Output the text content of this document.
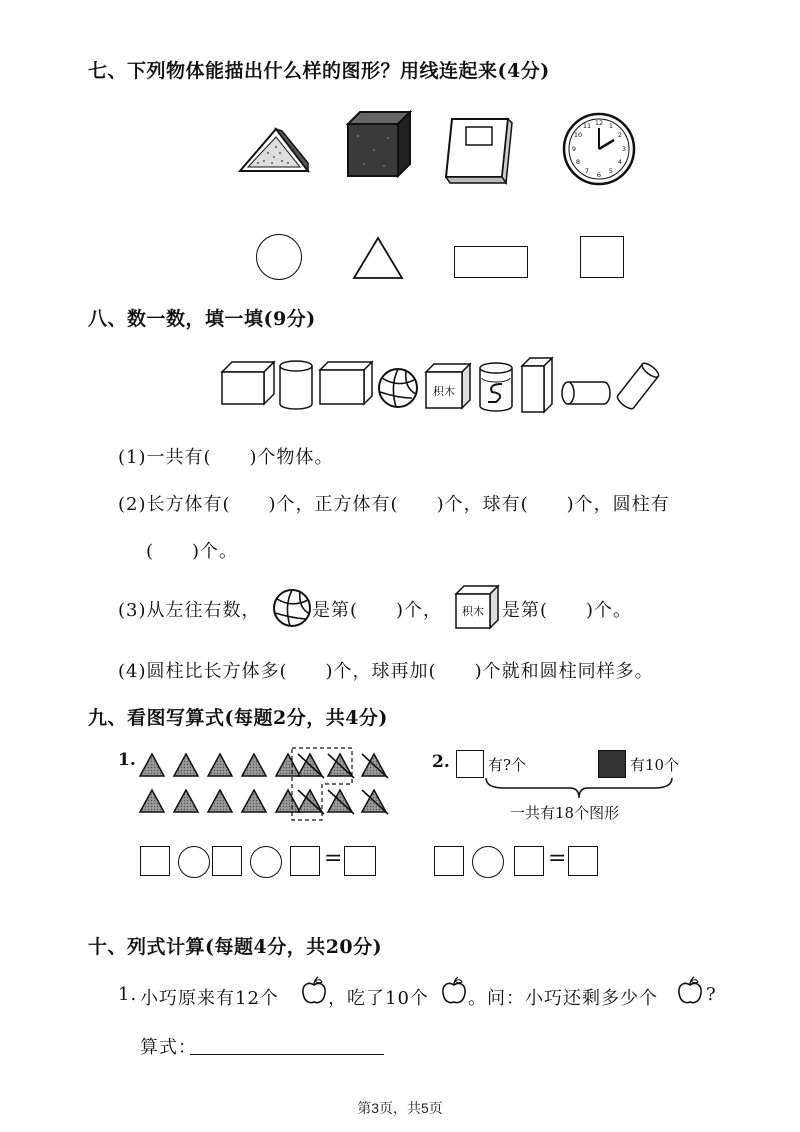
七、下列物体能描出什么样的图形？用线连起来(4分)
12 1
2
3
4
5
6
7
8
9
10
11
八、数一数，填一填(9分)
积木
(1)一共有(　　)个物体。
(2)长方体有(　　)个，正方体有(　　)个，球有(　　)个，圆柱有
(　　)个。
(3)从左往右数，	是第(　　)个， 积木 是第(　　)个。
(4)圆柱比长方体多(　　)个，球再加(　　)个就和圆柱同样多。
九、看图写算式(每题2分，共4分)
1.
=
2.	有?个	有10个
一共有18个图形
=
十、列式计算(每题4分，共20分)
1. 小巧原来有12个	，吃了10个 。问：小巧还剩多少个	?
算式：
第3页，共5页
